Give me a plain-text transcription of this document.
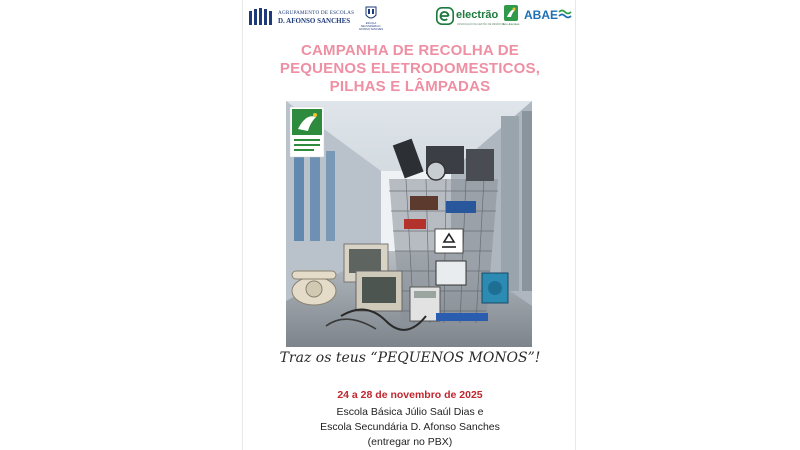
AGRUPAMENTO DE ESCOLAS
D. AFONSO SANCHES	ESCOLA SECUNDÁRIA D. AFONSO SANCHES
electrão
ASSOCIAÇÃO DE GESTÃO DE RESÍDUOS
Eco-Escolas
ABAE
CAMPANHA DE RECOLHA DE
PEQUENOS ELETRODOMESTICOS,
PILHAS E LÂMPADAS
Traz os teus “PEQUENOS MONOS”!
24 a 28 de novembro de 2025
Escola Básica Júlio Saúl Dias e
Escola Secundária D. Afonso Sanches
(entregar no PBX)
